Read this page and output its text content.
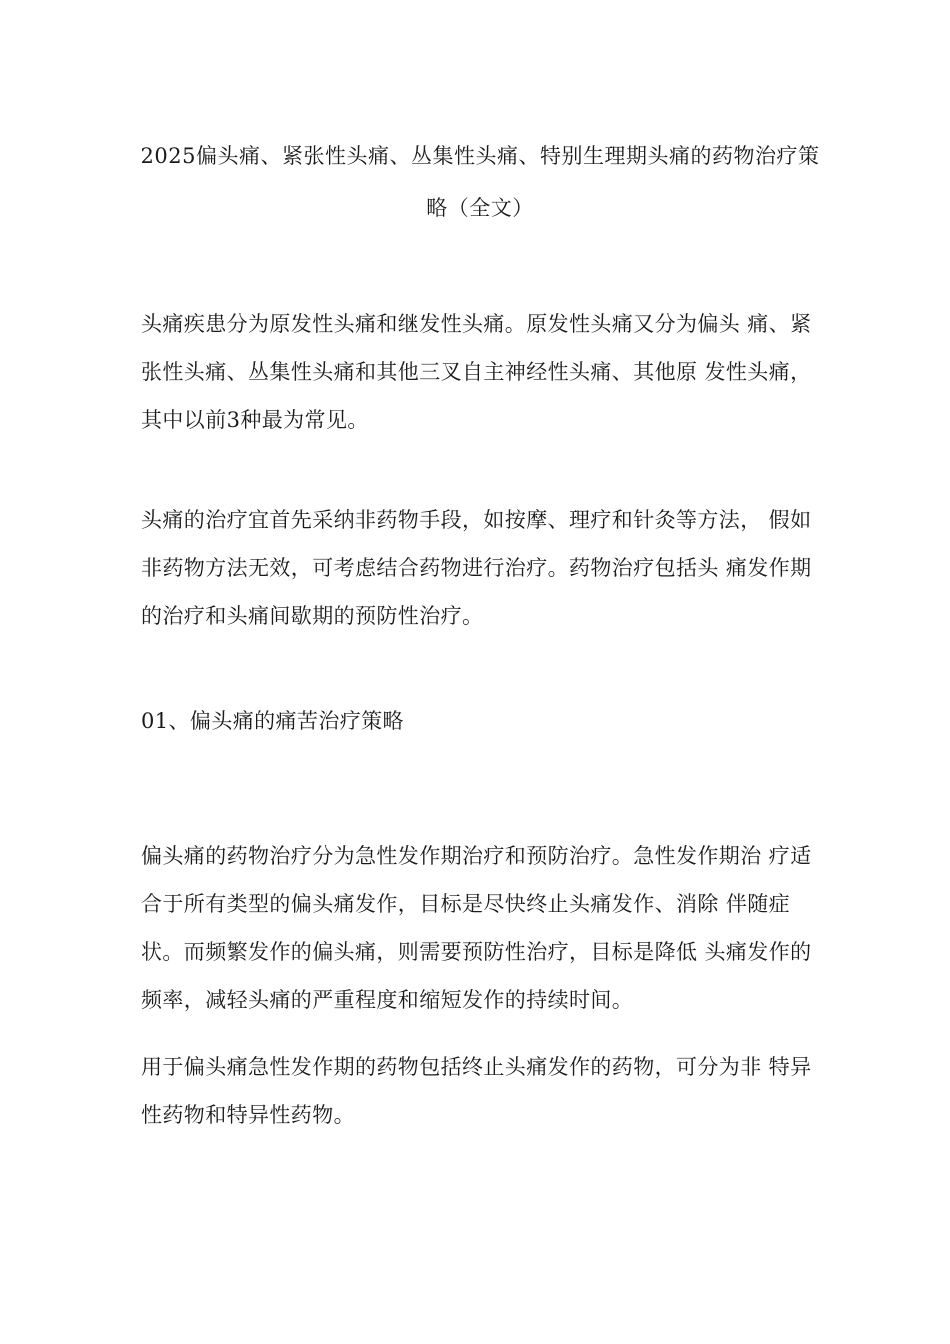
2025偏头痛、紧张性头痛、丛集性头痛、特别生理期头痛的药物治疗策
略（全文）
头痛疾患分为原发性头痛和继发性头痛。原发性头痛又分为偏头 痛、紧
张性头痛、丛集性头痛和其他三叉自主神经性头痛、其他原 发性头痛，
其中以前3种最为常见。
头痛的治疗宜首先采纳非药物手段，如按摩、理疗和针灸等方法， 假如
非药物方法无效，可考虑结合药物进行治疗。药物治疗包括头 痛发作期
的治疗和头痛间歇期的预防性治疗。
01、偏头痛的痛苦治疗策略
偏头痛的药物治疗分为急性发作期治疗和预防治疗。急性发作期治 疗适
合于所有类型的偏头痛发作，目标是尽快终止头痛发作、消除 伴随症
状。而频繁发作的偏头痛，则需要预防性治疗，目标是降低 头痛发作的
频率，减轻头痛的严重程度和缩短发作的持续时间。
用于偏头痛急性发作期的药物包括终止头痛发作的药物，可分为非 特异
性药物和特异性药物。
